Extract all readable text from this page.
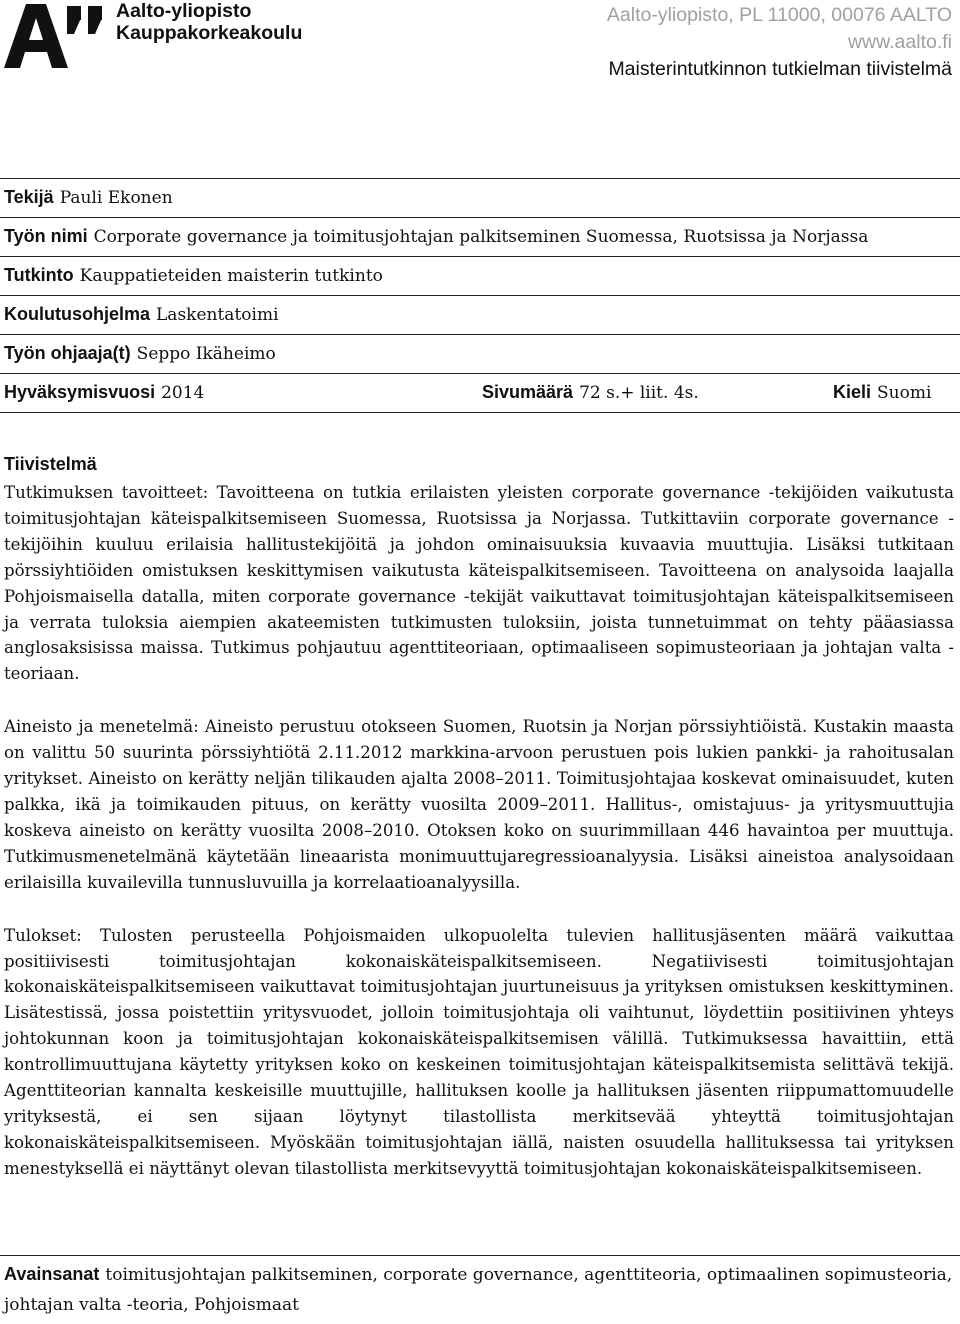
Aalto-yliopisto
Kauppakorkeakoulu
Aalto-yliopisto, PL 11000, 00076 AALTO
www.aalto.fi
Maisterintutkinnon tutkielman tiivistelmä
Tekijä Pauli Ekonen
Työn nimi Corporate governance ja toimitusjohtajan palkitseminen Suomessa, Ruotsissa ja Norjassa
Tutkinto Kauppatieteiden maisterin tutkinto
Koulutusohjelma Laskentatoimi
Työn ohjaaja(t) Seppo Ikäheimo
Hyväksymisvuosi 2014	Sivumäärä 72 s.+ liit. 4s.	Kieli Suomi
Tiivistelmä

Tutkimuksen tavoitteet: Tavoitteena on tutkia erilaisten yleisten corporate governance -tekijöiden vaikutusta toimitusjohtajan käteispalkitsemiseen Suomessa, Ruotsissa ja Norjassa. Tutkittaviin corporate governance -tekijöihin kuuluu erilaisia hallitustekijöitä ja johdon ominaisuuksia kuvaavia muuttujia. Lisäksi tutkitaan pörssiyhtiöiden omistuksen keskittymisen vaikutusta käteispalkitsemiseen. Tavoitteena on analysoida laajalla Pohjoismaisella datalla, miten corporate governance -tekijät vaikuttavat toimitusjohtajan käteispalkitsemiseen ja verrata tuloksia aiempien akateemisten tutkimusten tuloksiin, joista tunnetuimmat on tehty pääasiassa anglosaksisissa maissa. Tutkimus pohjautuu agenttiteoriaan, optimaaliseen sopimusteoriaan ja johtajan valta -teoriaan.

Aineisto ja menetelmä: Aineisto perustuu otokseen Suomen, Ruotsin ja Norjan pörssiyhtiöistä. Kustakin maasta on valittu 50 suurinta pörssiyhtiötä 2.11.2012 markkina-arvoon perustuen pois lukien pankki- ja rahoitusalan yritykset. Aineisto on kerätty neljän tilikauden ajalta 2008–2011. Toimitusjohtajaa koskevat ominaisuudet, kuten palkka, ikä ja toimikauden pituus, on kerätty vuosilta 2009–2011. Hallitus-, omistajuus- ja yritysmuuttujia koskeva aineisto on kerätty vuosilta 2008–2010. Otoksen koko on suurimmillaan 446 havaintoa per muuttuja. Tutkimusmenetelmänä käytetään lineaarista monimuuttujaregressioanalyysia. Lisäksi aineistoa analysoidaan erilaisilla kuvailevilla tunnusluvuilla ja korrelaatioanalyysilla.

Tulokset: Tulosten perusteella Pohjoismaiden ulkopuolelta tulevien hallitusjäsenten määrä vaikuttaa positiivisesti toimitusjohtajan kokonaiskäteispalkitsemiseen. Negatiivisesti toimitusjohtajan kokonaiskäteispalkitsemiseen vaikuttavat toimitusjohtajan juurtuneisuus ja yrityksen omistuksen keskittyminen. Lisätestissä, jossa poistettiin yritysvuodet, jolloin toimitusjohtaja oli vaihtunut, löydettiin positiivinen yhteys johtokunnan koon ja toimitusjohtajan kokonaiskäteispalkitsemisen välillä. Tutkimuksessa havaittiin, että kontrollimuuttujana käytetty yrityksen koko on keskeinen toimitusjohtajan käteispalkitsemista selittävä tekijä. Agenttiteorian kannalta keskeisille muuttujille, hallituksen koolle ja hallituksen jäsenten riippumattomuudelle yrityksestä, ei sen sijaan löytynyt tilastollista merkitsevää yhteyttä toimitusjohtajan kokonaiskäteispalkitsemiseen. Myöskään toimitusjohtajan iällä, naisten osuudella hallituksessa tai yrityksen menestyksellä ei näyttänyt olevan tilastollista merkitsevyyttä toimitusjohtajan kokonaiskäteispalkitsemiseen.

Avainsanat toimitusjohtajan palkitseminen, corporate governance, agenttiteoria, optimaalinen sopimusteoria, johtajan valta -teoria, Pohjoismaat
